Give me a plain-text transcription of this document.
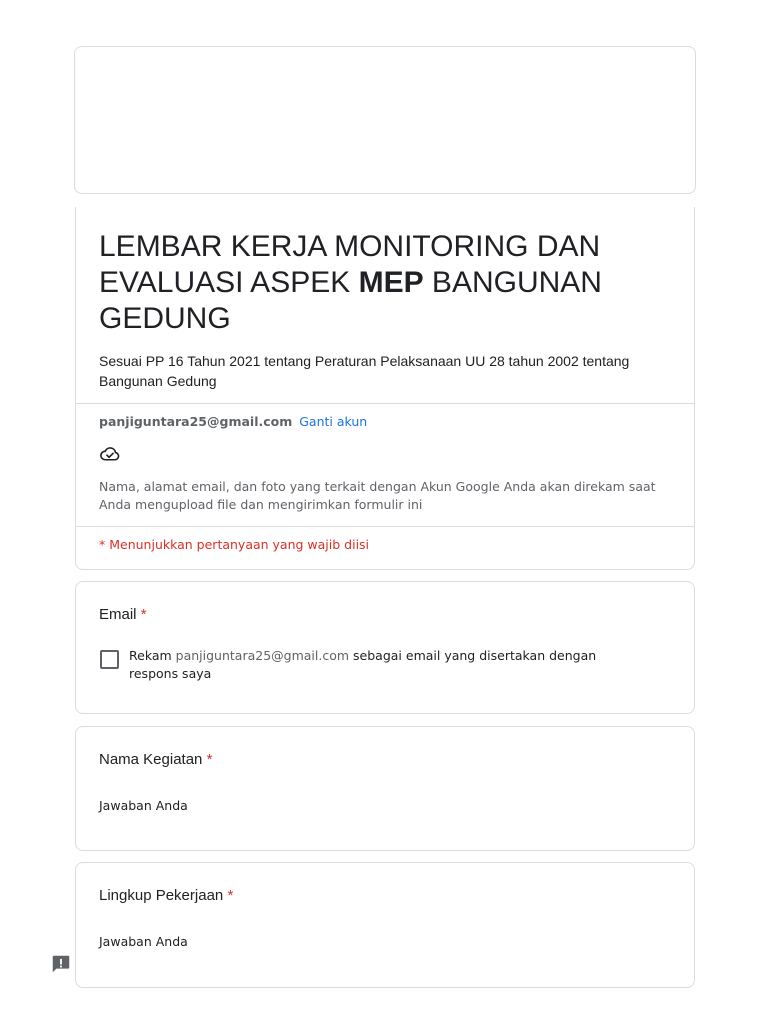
LEMBAR KERJA MONITORING DAN EVALUASI ASPEK MEP BANGUNAN GEDUNG
Sesuai PP 16 Tahun 2021 tentang Peraturan Pelaksanaan UU 28 tahun 2002 tentang Bangunan Gedung
panjiguntara25@gmail.com Ganti akun
Nama, alamat email, dan foto yang terkait dengan Akun Google Anda akan direkam saat Anda mengupload file dan mengirimkan formulir ini
* Menunjukkan pertanyaan yang wajib diisi
Email *
Rekam panjiguntara25@gmail.com sebagai email yang disertakan dengan respons saya
Nama Kegiatan *
Jawaban Anda
Lingkup Pekerjaan *
Jawaban Anda
